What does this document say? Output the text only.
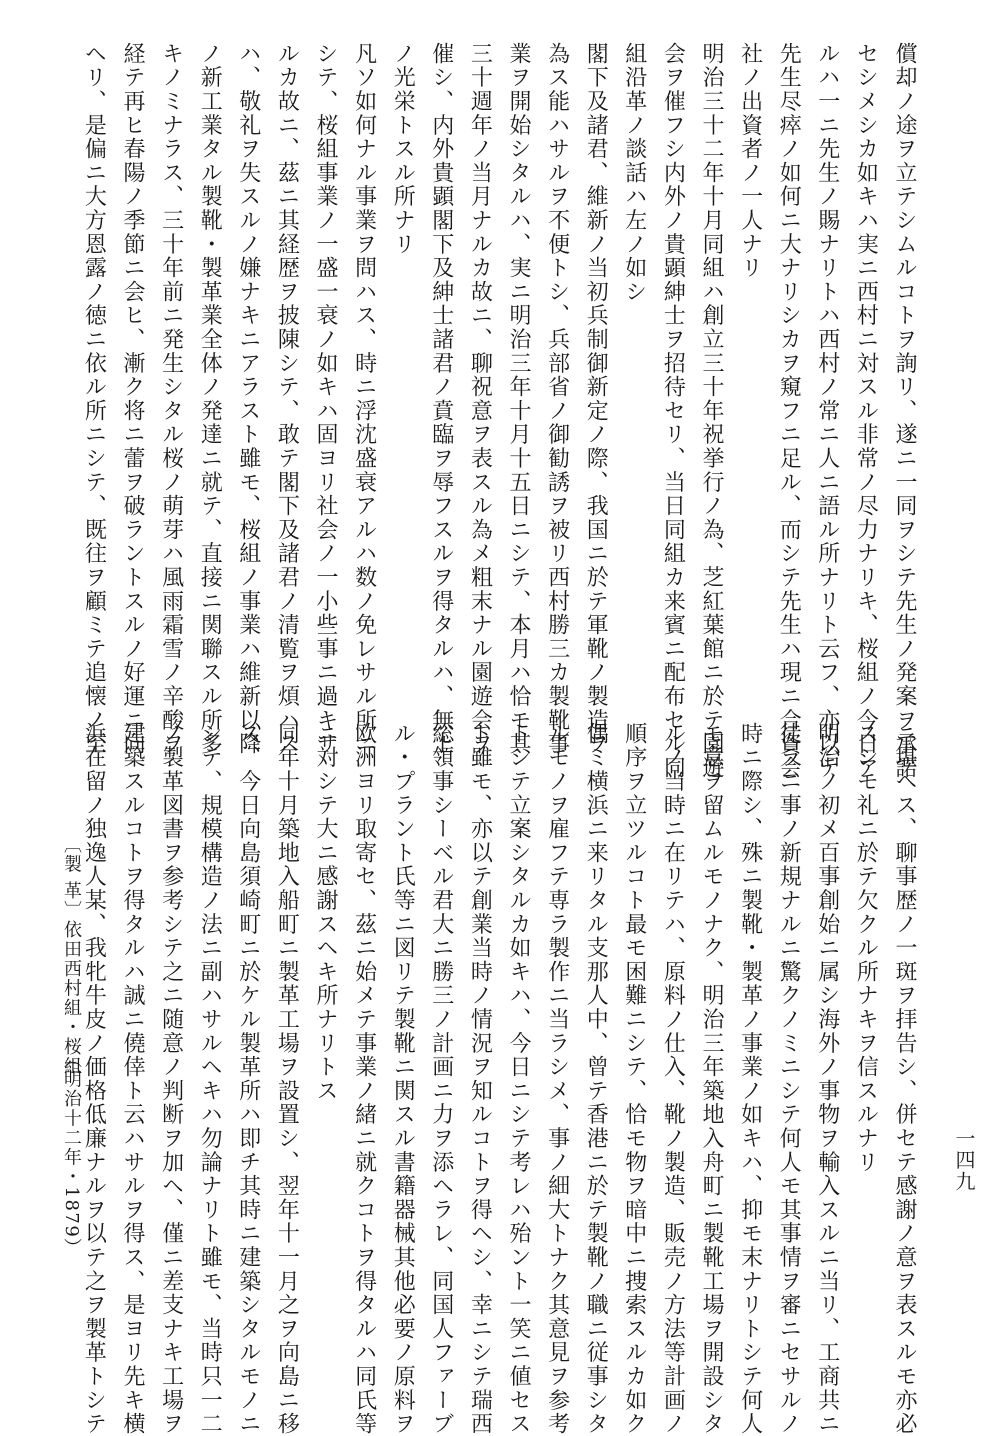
償却ノ途ヲ立テシムルコトヲ詢リ、遂ニ一同ヲシテ先生ノ発案ヲ承諾
セシメシカ如キハ実ニ西村ニ対スル非常ノ尽力ナリキ、桜組ノ今日ア
ルハ一ニ先生ノ賜ナリトハ西村ノ常ニ人ニ語ル所ナリト云フ、亦以テ
先生尽瘁ノ如何ニ大ナリシカヲ窺フニ足ル、而シテ先生ハ現ニ合資会
社ノ出資者ノ一人ナリ
明治三十二年十月同組ハ創立三十年祝挙行ノ為、芝紅葉館ニ於テ園遊
会ヲ催フシ内外ノ貴顕紳士ヲ招待セリ、当日同組カ来賓ニ配布セル同
組沿革ノ談話ハ左ノ如シ
閣下及諸君、維新ノ当初兵制御新定ノ際、我国ニ於テ軍靴ノ製造ヲ
為ス能ハサルヲ不便トシ、兵部省ノ御勧誘ヲ被リ西村勝三カ製靴事
業ヲ開始シタルハ、実ニ明治三年十月十五日ニシテ、本月ハ恰モ其
三十週年ノ当月ナルカ故ニ、聊祝意ヲ表スル為メ粗末ナル園遊会ヲ
催シ、内外貴顕閣下及紳士諸君ノ賁臨ヲ辱フスルヲ得タルハ、無上
ノ光栄トスル所ナリ
凡ソ如何ナル事業ヲ問ハス、時ニ浮沈盛衰アルハ数ノ免レサル所ニ
シテ、桜組事業ノ一盛一衰ノ如キハ固ヨリ社会ノ一小些事ニ過キサ
ルカ故ニ、茲ニ其経歴ヲ披陳シテ、敢テ閣下及諸君ノ清覧ヲ煩ハス
ハ、敬礼ヲ失スルノ嫌ナキニアラスト雖モ、桜組ノ事業ハ維新以降
ノ新工業タル製靴・製革業全体ノ発達ニ就テ、直接ニ関聯スル所多
キノミナラス、三十年前ニ発生シタル桜ノ萌芽ハ風雨霜雪ノ辛酸ヲ
経テ再ヒ春陽ノ季節ニ会ヒ、漸ク将ニ蕾ヲ破ラントスルノ好運ニ向
ヘリ、是偏ニ大方恩露ノ徳ニ依ル所ニシテ、既往ヲ顧ミテ追懐ノ至
ニ堪ヘス、聊事歴ノ一斑ヲ拝告シ、併セテ感謝ノ意ヲ表スルモ亦必
スシモ礼ニ於テ欠クル所ナキヲ信スルナリ
明治ノ初メ百事創始ニ属シ海外ノ事物ヲ輸入スルニ当リ、工商共ニ
徒ラニ事ノ新規ナルニ驚クノミニシテ何人モ其事情ヲ審ニセサルノ
時ニ際シ、殊ニ製靴・製革ノ事業ノ如キハ、抑モ末ナリトシテ何人
モ意ヲ留ムルモノナク、明治三年築地入舟町ニ製靴工場ヲ開設シタ
ルノ当時ニ在リテハ、原料ノ仕入、靴ノ製造、販売ノ方法等計画ノ
順序ヲ立ツルコト最モ困難ニシテ、恰モ物ヲ暗中ニ捜索スルカ如ク
偶ミ横浜ニ来リタル支那人中、曾テ香港ニ於テ製靴ノ職ニ従事シタ
ルモノヲ雇フテ専ラ製作ニ当ラシメ、事ノ細大トナク其意見ヲ参考
トシテ立案シタルカ如キハ、今日ニシテ考レハ殆ント一笑ニ値セス
ト雖モ、亦以テ創業当時ノ情況ヲ知ルコトヲ得ヘシ、幸ニシテ瑞西
総領事シーベル君大ニ勝三ノ計画ニ力ヲ添ヘラレ、同国人ファーブ
ル・プラント氏等ニ図リテ製靴ニ関スル書籍器械其他必要ノ原料ヲ
欧洲ヨリ取寄セ、茲ニ始メテ事業ノ緒ニ就クコトヲ得タルハ同氏等
ニ対シテ大ニ感謝スヘキ所ナリトス
同年十月築地入船町ニ製革工場ヲ設置シ、翌年十一月之ヲ向島ニ移
ス、今日向島須崎町ニ於ケル製革所ハ即チ其時ニ建築シタルモノニ
シテ、規模構造ノ法ニ副ハサルヘキハ勿論ナリト雖モ、当時只一二
ノ製革図書ヲ参考シテ之ニ随意ノ判断ヲ加ヘ、僅ニ差支ナキ工場ヲ
建築スルコトヲ得タルハ誠ニ僥倖ト云ハサルヲ得ス、是ヨリ先キ横
浜在留ノ独逸人某、我牝牛皮ノ価格低廉ナルヲ以テ之ヲ製革トシテ
〔製 革〕
依田西村組・桜組
（明治十二年・1879）	一四九
